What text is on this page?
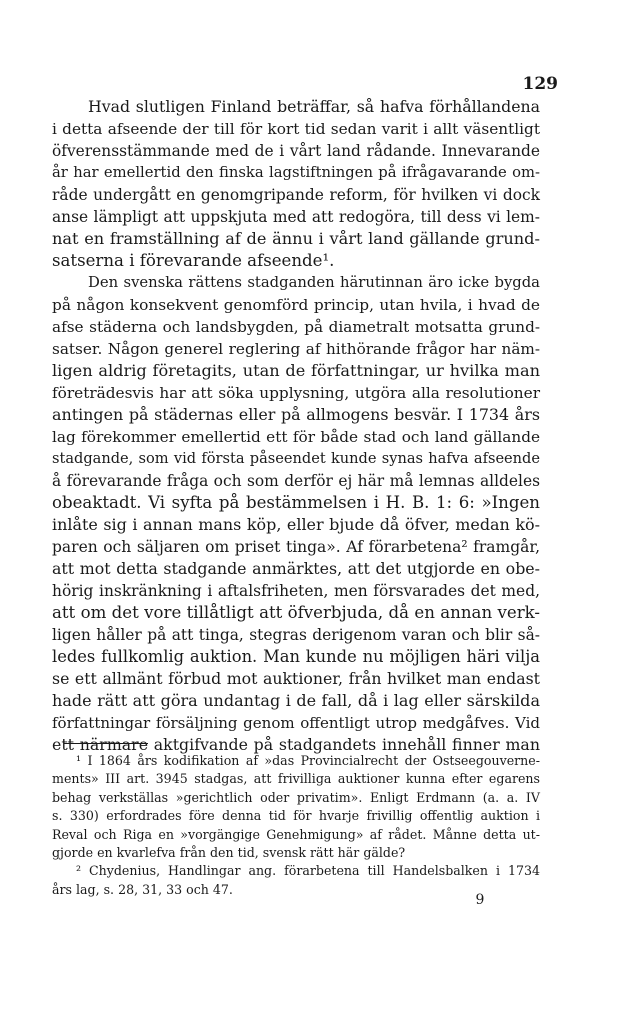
129
Hvad slutligen Finland beträffar, så hafva förhållandena
i detta afseende der till för kort tid sedan varit i allt väsentligt
öfverensstämmande med de i vårt land rådande. Innevarande
år har emellertid den finska lagstiftningen på ifrågavarande om-
råde undergått en genomgripande reform, för hvilken vi dock
anse lämpligt att uppskjuta med att redogöra, till dess vi lem-
nat en framställning af de ännu i vårt land gällande grund-
satserna i förevarande afseende¹.
Den svenska rättens stadganden härutinnan äro icke bygda
på någon konsekvent genomförd princip, utan hvila, i hvad de
afse städerna och landsbygden, på diametralt motsatta grund-
satser. Någon generel reglering af hithörande frågor har näm-
ligen aldrig företagits, utan de författningar, ur hvilka man
företrädesvis har att söka upplysning, utgöra alla resolutioner
antingen på städernas eller på allmogens besvär. I 1734 års
lag förekommer emellertid ett för både stad och land gällande
stadgande, som vid första påseendet kunde synas hafva afseende
å förevarande fråga och som derför ej här må lemnas alldeles
obeaktadt. Vi syfta på bestämmelsen i H. B. 1: 6: »Ingen
inlåte sig i annan mans köp, eller bjude då öfver, medan kö-
paren och säljaren om priset tinga». Af förarbetena² framgår,
att mot detta stadgande anmärktes, att det utgjorde en obe-
hörig inskränkning i aftalsfriheten, men försvarades det med,
att om det vore tillåtligt att öfverbjuda, då en annan verk-
ligen håller på att tinga, stegras derigenom varan och blir så-
ledes fullkomlig auktion. Man kunde nu möjligen häri vilja
se ett allmänt förbud mot auktioner, från hvilket man endast
hade rätt att göra undantag i de fall, då i lag eller särskilda
författningar försäljning genom offentligt utrop medgåfves. Vid
ett närmare aktgifvande på stadgandets innehåll finner man
¹ I 1864 års kodifikation af »das Provincialrecht der Ostseegouverne-
ments» III art. 3945 stadgas, att frivilliga auktioner kunna efter egarens
behag verkställas »gerichtlich oder privatim». Enligt Erdmann (a. a. IV
s. 330) erfordrades före denna tid för hvarje frivillig offentlig auktion i
Reval och Riga en »vorgängige Genehmigung» af rådet. Månne detta ut-
gjorde en kvarlefva från den tid, svensk rätt här gälde?
² Chydenius, Handlingar ang. förarbetena till Handelsbalken i 1734
års lag, s. 28, 31, 33 och 47.
9
